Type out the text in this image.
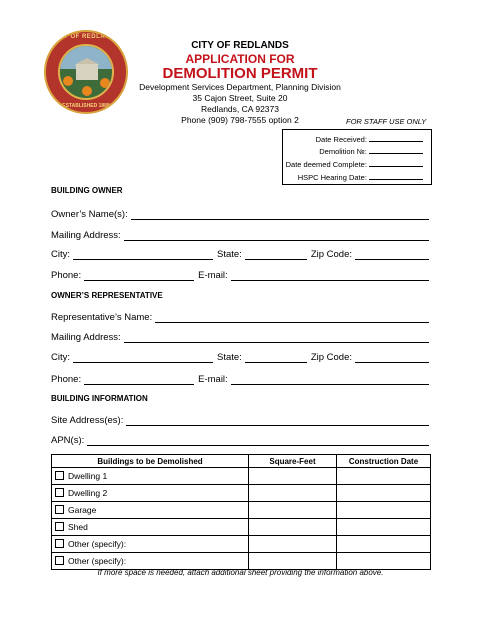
CITY OF REDLANDS
ESTABLISHED 1888
CITY OF REDLANDS
APPLICATION FOR
DEMOLITION PERMIT
Development Services Department, Planning Division
35 Cajon Street, Suite 20
Redlands, CA 92373
Phone (909) 798-7555 option 2	FOR STAFF USE ONLY
Date Received:
Demolition №:
Date deemed Complete:
HSPC Hearing Date:
BUILDING OWNER
Owner’s Name(s):
Mailing Address:
City:	State:	Zip Code:
Phone:	E-mail:
OWNER’S REPRESENTATIVE
Representative’s Name:
Mailing Address:
City:	State:	Zip Code:
Phone:	E-mail:
BUILDING INFORMATION
Site Address(es):
APN(s):
Buildings to be Demolished	Square-Feet	Construction Date
Dwelling 1		
Dwelling 2		
Garage		
Shed		
Other (specify):		
Other (specify):		
If more space is needed, attach additional sheet providing the information above.
